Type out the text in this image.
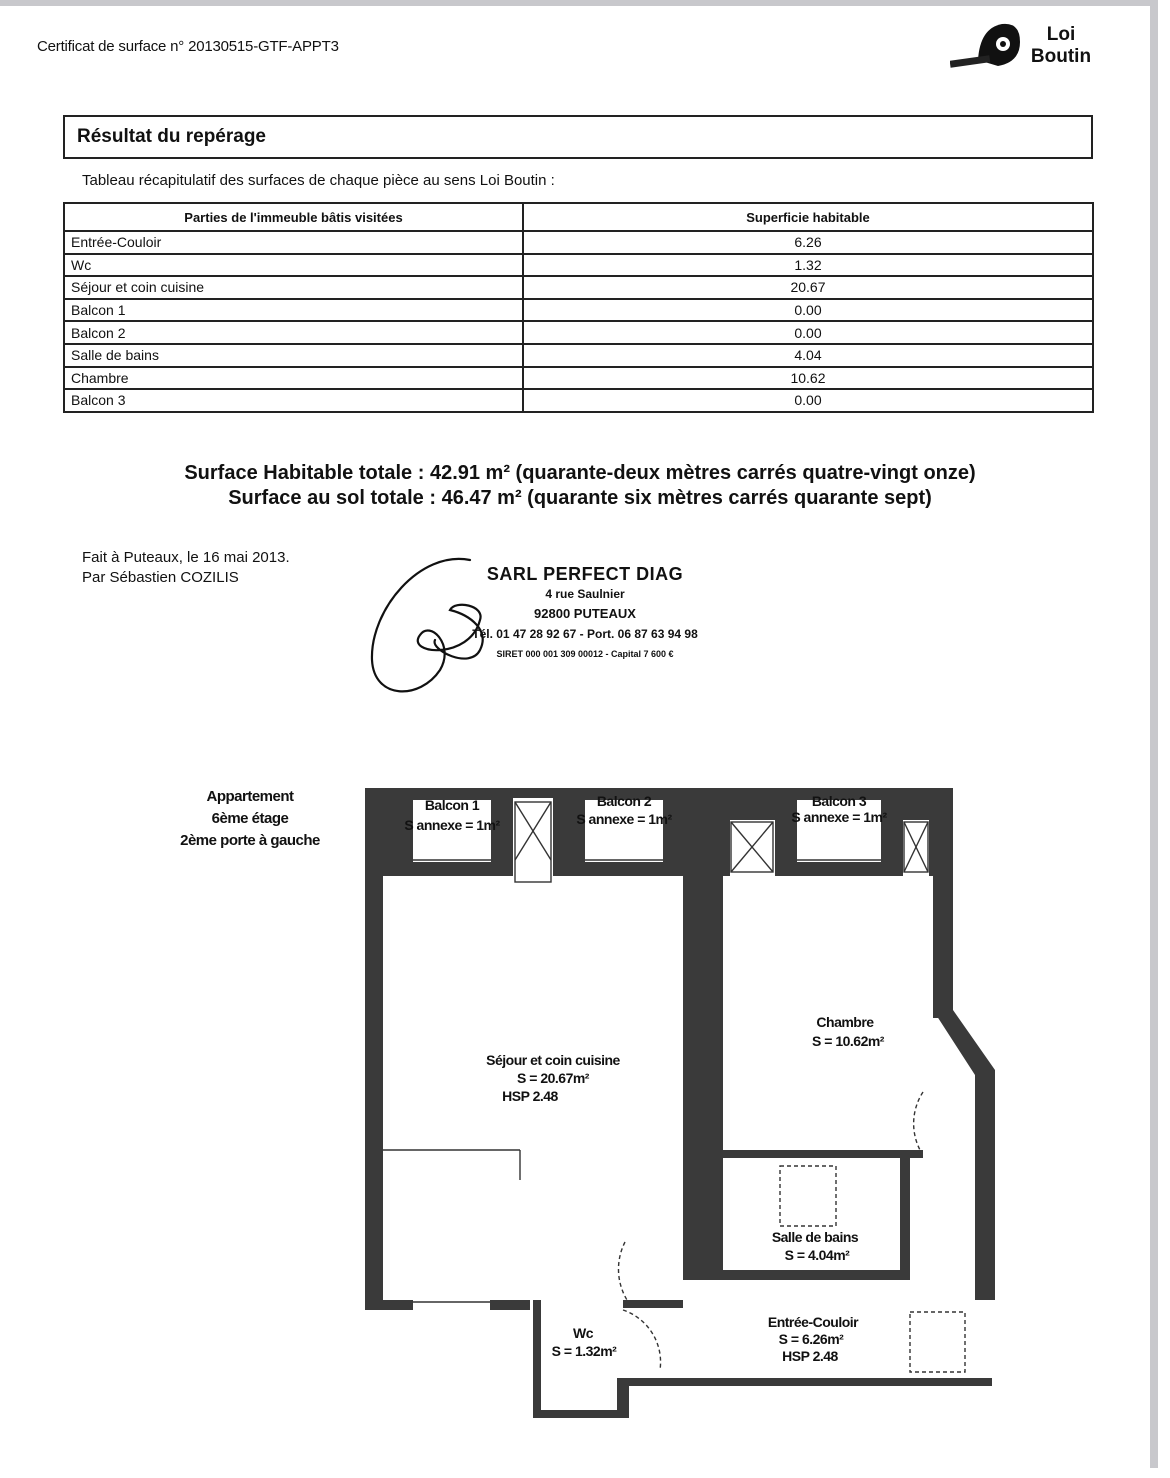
Certificat de surface n° 20130515-GTF-APPT3
Loi
Boutin
Résultat du repérage
Tableau récapitulatif des surfaces de chaque pièce au sens Loi Boutin :
Parties de l'immeuble bâtis visitées	Superficie habitable
Entrée-Couloir	6.26
Wc	1.32
Séjour et coin cuisine	20.67
Balcon 1	0.00
Balcon 2	0.00
Salle de bains	4.04
Chambre	10.62
Balcon 3	0.00
Surface Habitable totale : 42.91 m² (quarante-deux mètres carrés quatre-vingt onze)
Surface au sol totale : 46.47 m² (quarante six mètres carrés quarante sept)
Fait à Puteaux, le 16 mai 2013.
Par Sébastien COZILIS	SARL PERFECT DIAG
4 rue Saulnier
92800 PUTEAUX
Tél. 01 47 28 92 67 - Port. 06 87 63 94 98
SIRET 000 001 309 00012 - Capital 7 600 €
Appartement
6ème étage
2ème porte à gauche
Balcon 1
S annexe = 1m²
Balcon 2
S annexe = 1m²
Balcon 3
S annexe = 1m²
Séjour et coin cuisine
S = 20.67m²
HSP 2.48
Chambre
S = 10.62m²
Salle de bains
S = 4.04m²
Wc
S = 1.32m²
Entrée-Couloir
S = 6.26m²
HSP 2.48
